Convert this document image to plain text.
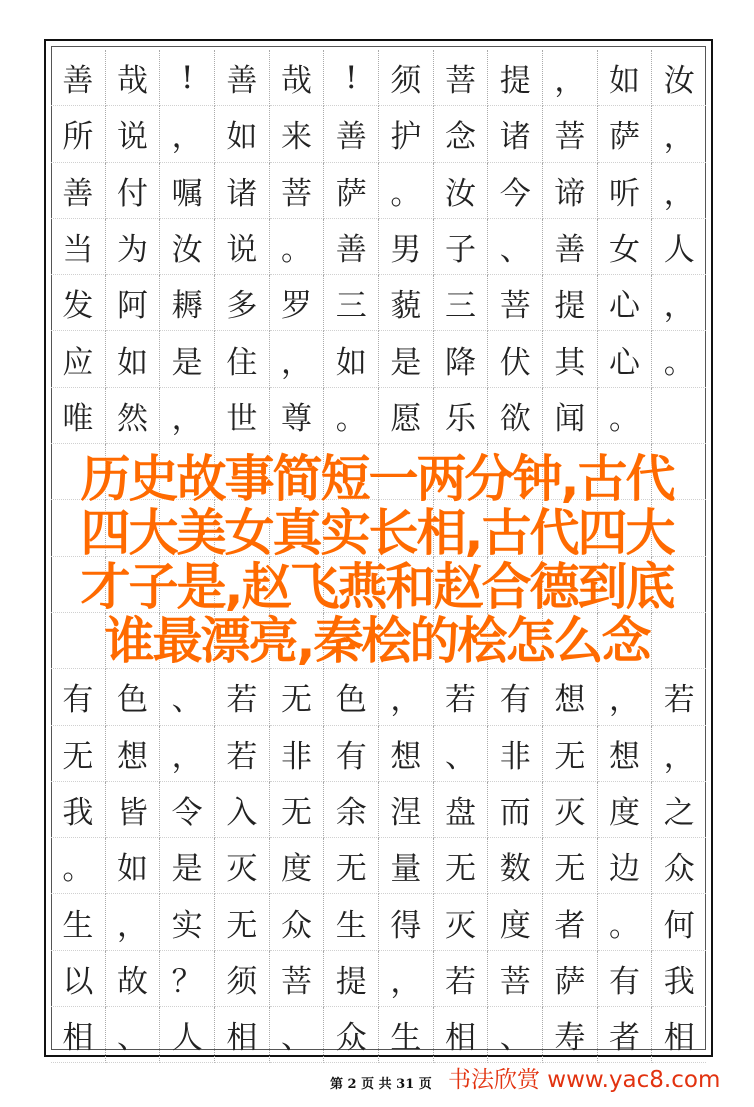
善 哉	!	善 哉	!	须 菩 提 ， 如 汝
所 说 ， 如 来 善 护 念 诸 菩 萨 ，
善 付 嘱 诸 菩 萨 。 汝 今 谛 听 ，
当 为 汝 说 。 善 男 子 、 善 女 人
发 阿 耨 多 罗 三 藐 三 菩 提 心 ，
应 如 是 住 ， 如 是 降 伏 其 心 。
唯 然 ， 世 尊 。 愿 乐 欲 闻 。
有 色 、 若 无 色 ， 若 有 想 ， 若
无 想 ， 若 非 有 想 、 非 无 想 ，
我 皆 令 入 无 余 涅 盘 而 灭 度 之
。 如 是 灭 度 无 量 无 数 无 边 众
生 ， 实 无 众 生 得 灭 度 者 。 何
以 故 ？ 须 菩 提 ， 若 菩 萨 有 我
相 、 人 相 、 众 生 相 、 寿 者 相
历史故事简短一两分钟,古代
四大美女真实长相,古代四大
才子是,赵飞燕和赵合德到底
谁最漂亮,秦桧的桧怎么念
第 2 页 共 31 页 书法欣赏 www.yac8.com
